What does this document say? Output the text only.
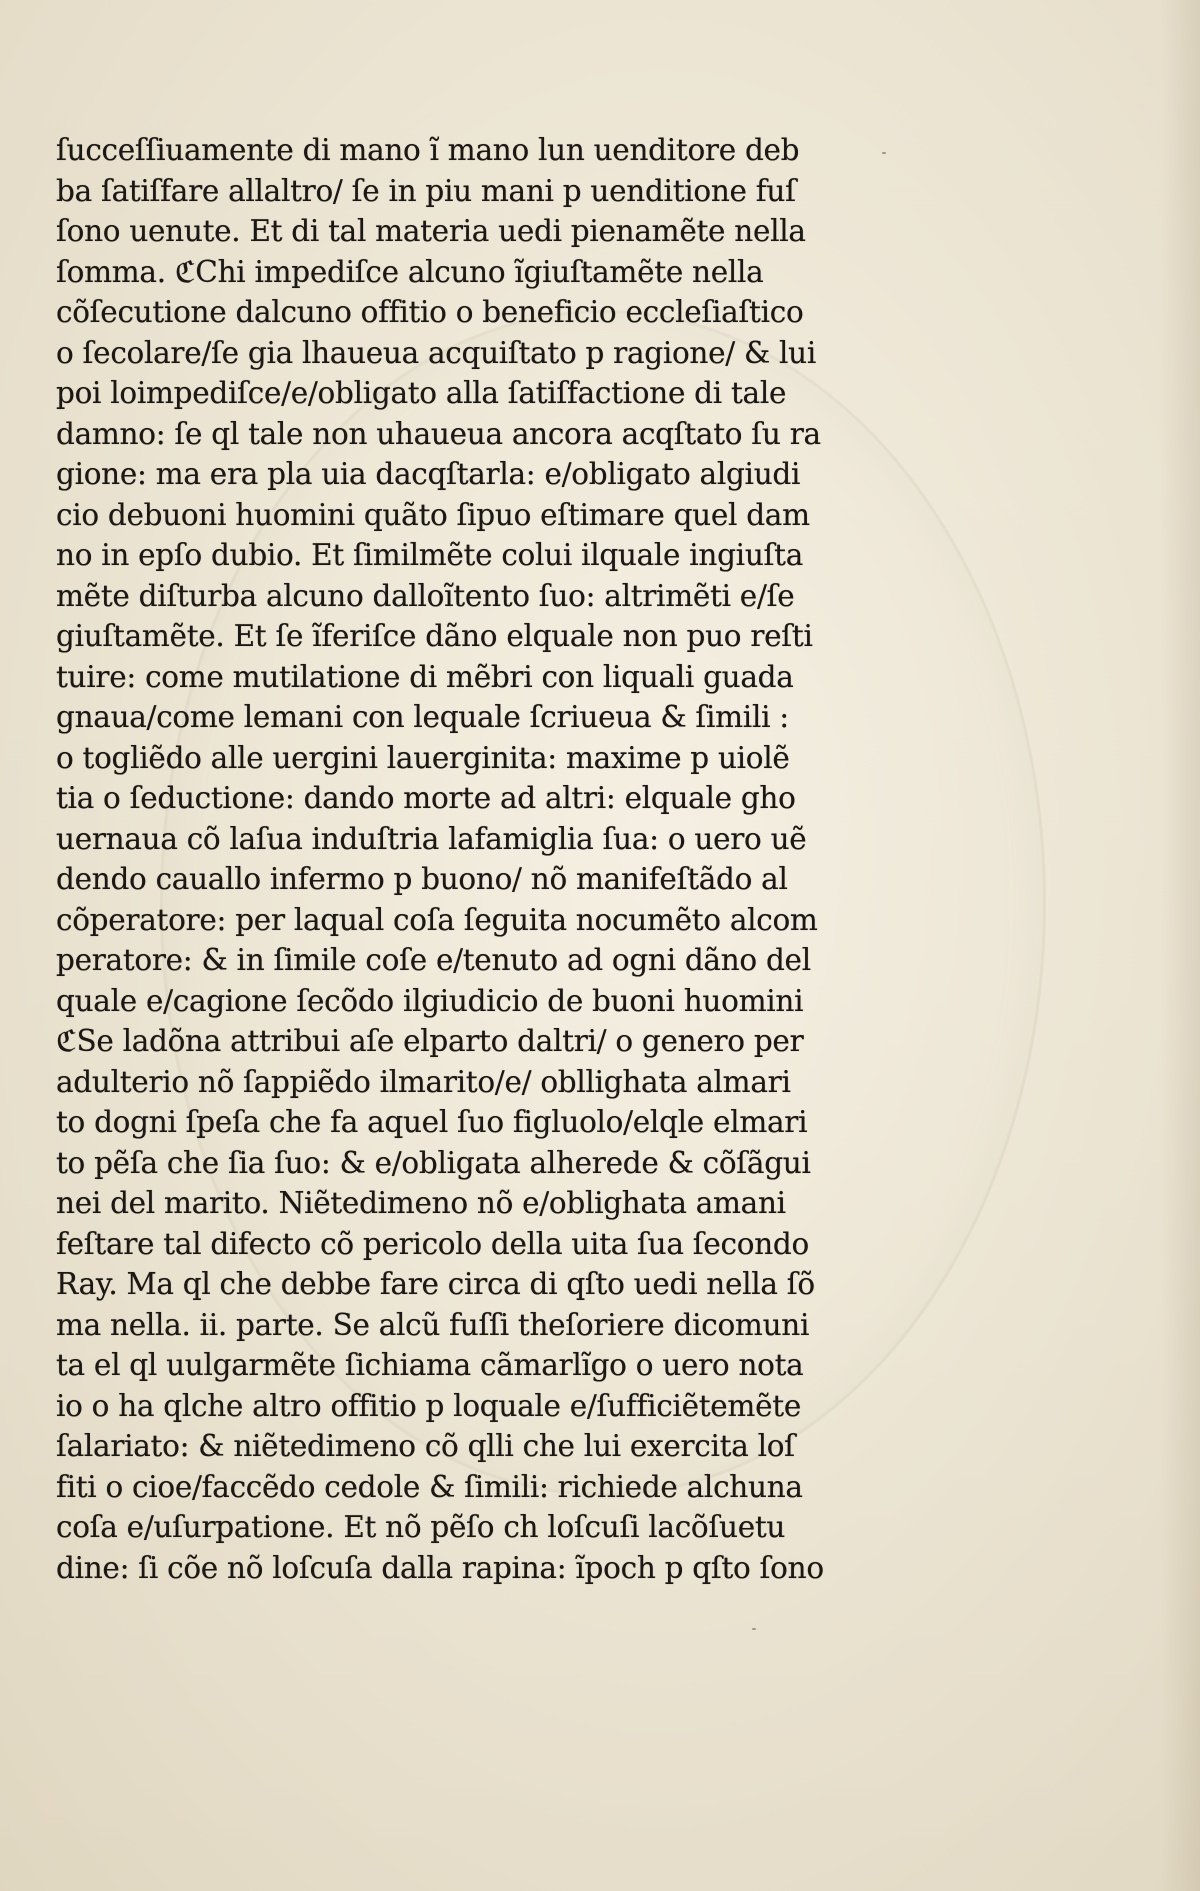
ſucceſſiuamente di mano ĩ mano lun uenditore deb
ba ſatiſfare allaltro/ ſe in piu mani p uenditione fuſ
ſono uenute. Et di tal materia uedi pienamẽte nella
ſomma. ℭChi impediſce alcuno ĩgiuſtamẽte nella
cõſecutione dalcuno offitio o beneficio eccleſiaſtico
o ſecolare/ſe gia lhaueua acquiſtato p ragione/ & lui
poi loimpediſce/e/obligato alla ſatiſfactione di tale
damno: ſe ql tale non uhaueua ancora acqſtato ſu ra
gione: ma era pla uia dacqſtarla: e/obligato algiudi
cio debuoni huomini quãto ſipuo eſtimare quel dam
no in epſo dubio. Et ſimilmẽte colui ilquale ingiuſta
mẽte diſturba alcuno dalloĩtento ſuo: altrimẽti e/ſe
giuſtamẽte. Et ſe ĩferiſce dãno elquale non puo reſti
tuire: come mutilatione di mẽbri con liquali guada
gnaua/come lemani con lequale ſcriueua & ſimili :
o togliẽdo alle uergini lauerginita: maxime p uiolẽ
tia o ſeductione: dando morte ad altri: elquale gho
uernaua cõ laſua induſtria lafamiglia ſua: o uero uẽ
dendo cauallo infermo p buono/ nõ manifeſtãdo al
cõperatore: per laqual coſa ſeguita nocumẽto alcom
peratore: & in ſimile coſe e/tenuto ad ogni dãno del
quale e/cagione ſecõdo ilgiudicio de buoni huomini
ℭSe ladõna attribui aſe elparto daltri/ o genero per
adulterio nõ ſappiẽdo ilmarito/e/ obllighata almari
to dogni ſpeſa che fa aquel ſuo figluolo/elqle elmari
to pẽſa che ſia ſuo: & e/obligata alherede & cõſãgui
nei del marito. Niẽtedimeno nõ e/oblighata amani
feſtare tal difecto cõ pericolo della uita ſua ſecondo
Ray. Ma ql che debbe fare circa di qſto uedi nella ſõ
ma nella. ii. parte. Se alcũ fuſſi theſoriere dicomuni
ta el ql uulgarmẽte ſichiama cãmarlĩgo o uero nota
io o ha qlche altro offitio p loquale e/ſufficiẽtemẽte
ſalariato: & niẽtedimeno cõ qlli che lui exercita loſ
fiti o cioe/faccẽdo cedole & ſimili: richiede alchuna
coſa e/uſurpatione. Et nõ pẽſo ch loſcuſi lacõſuetu
dine: ſi cõe nõ loſcuſa dalla rapina: ĩpoch p qſto ſono
